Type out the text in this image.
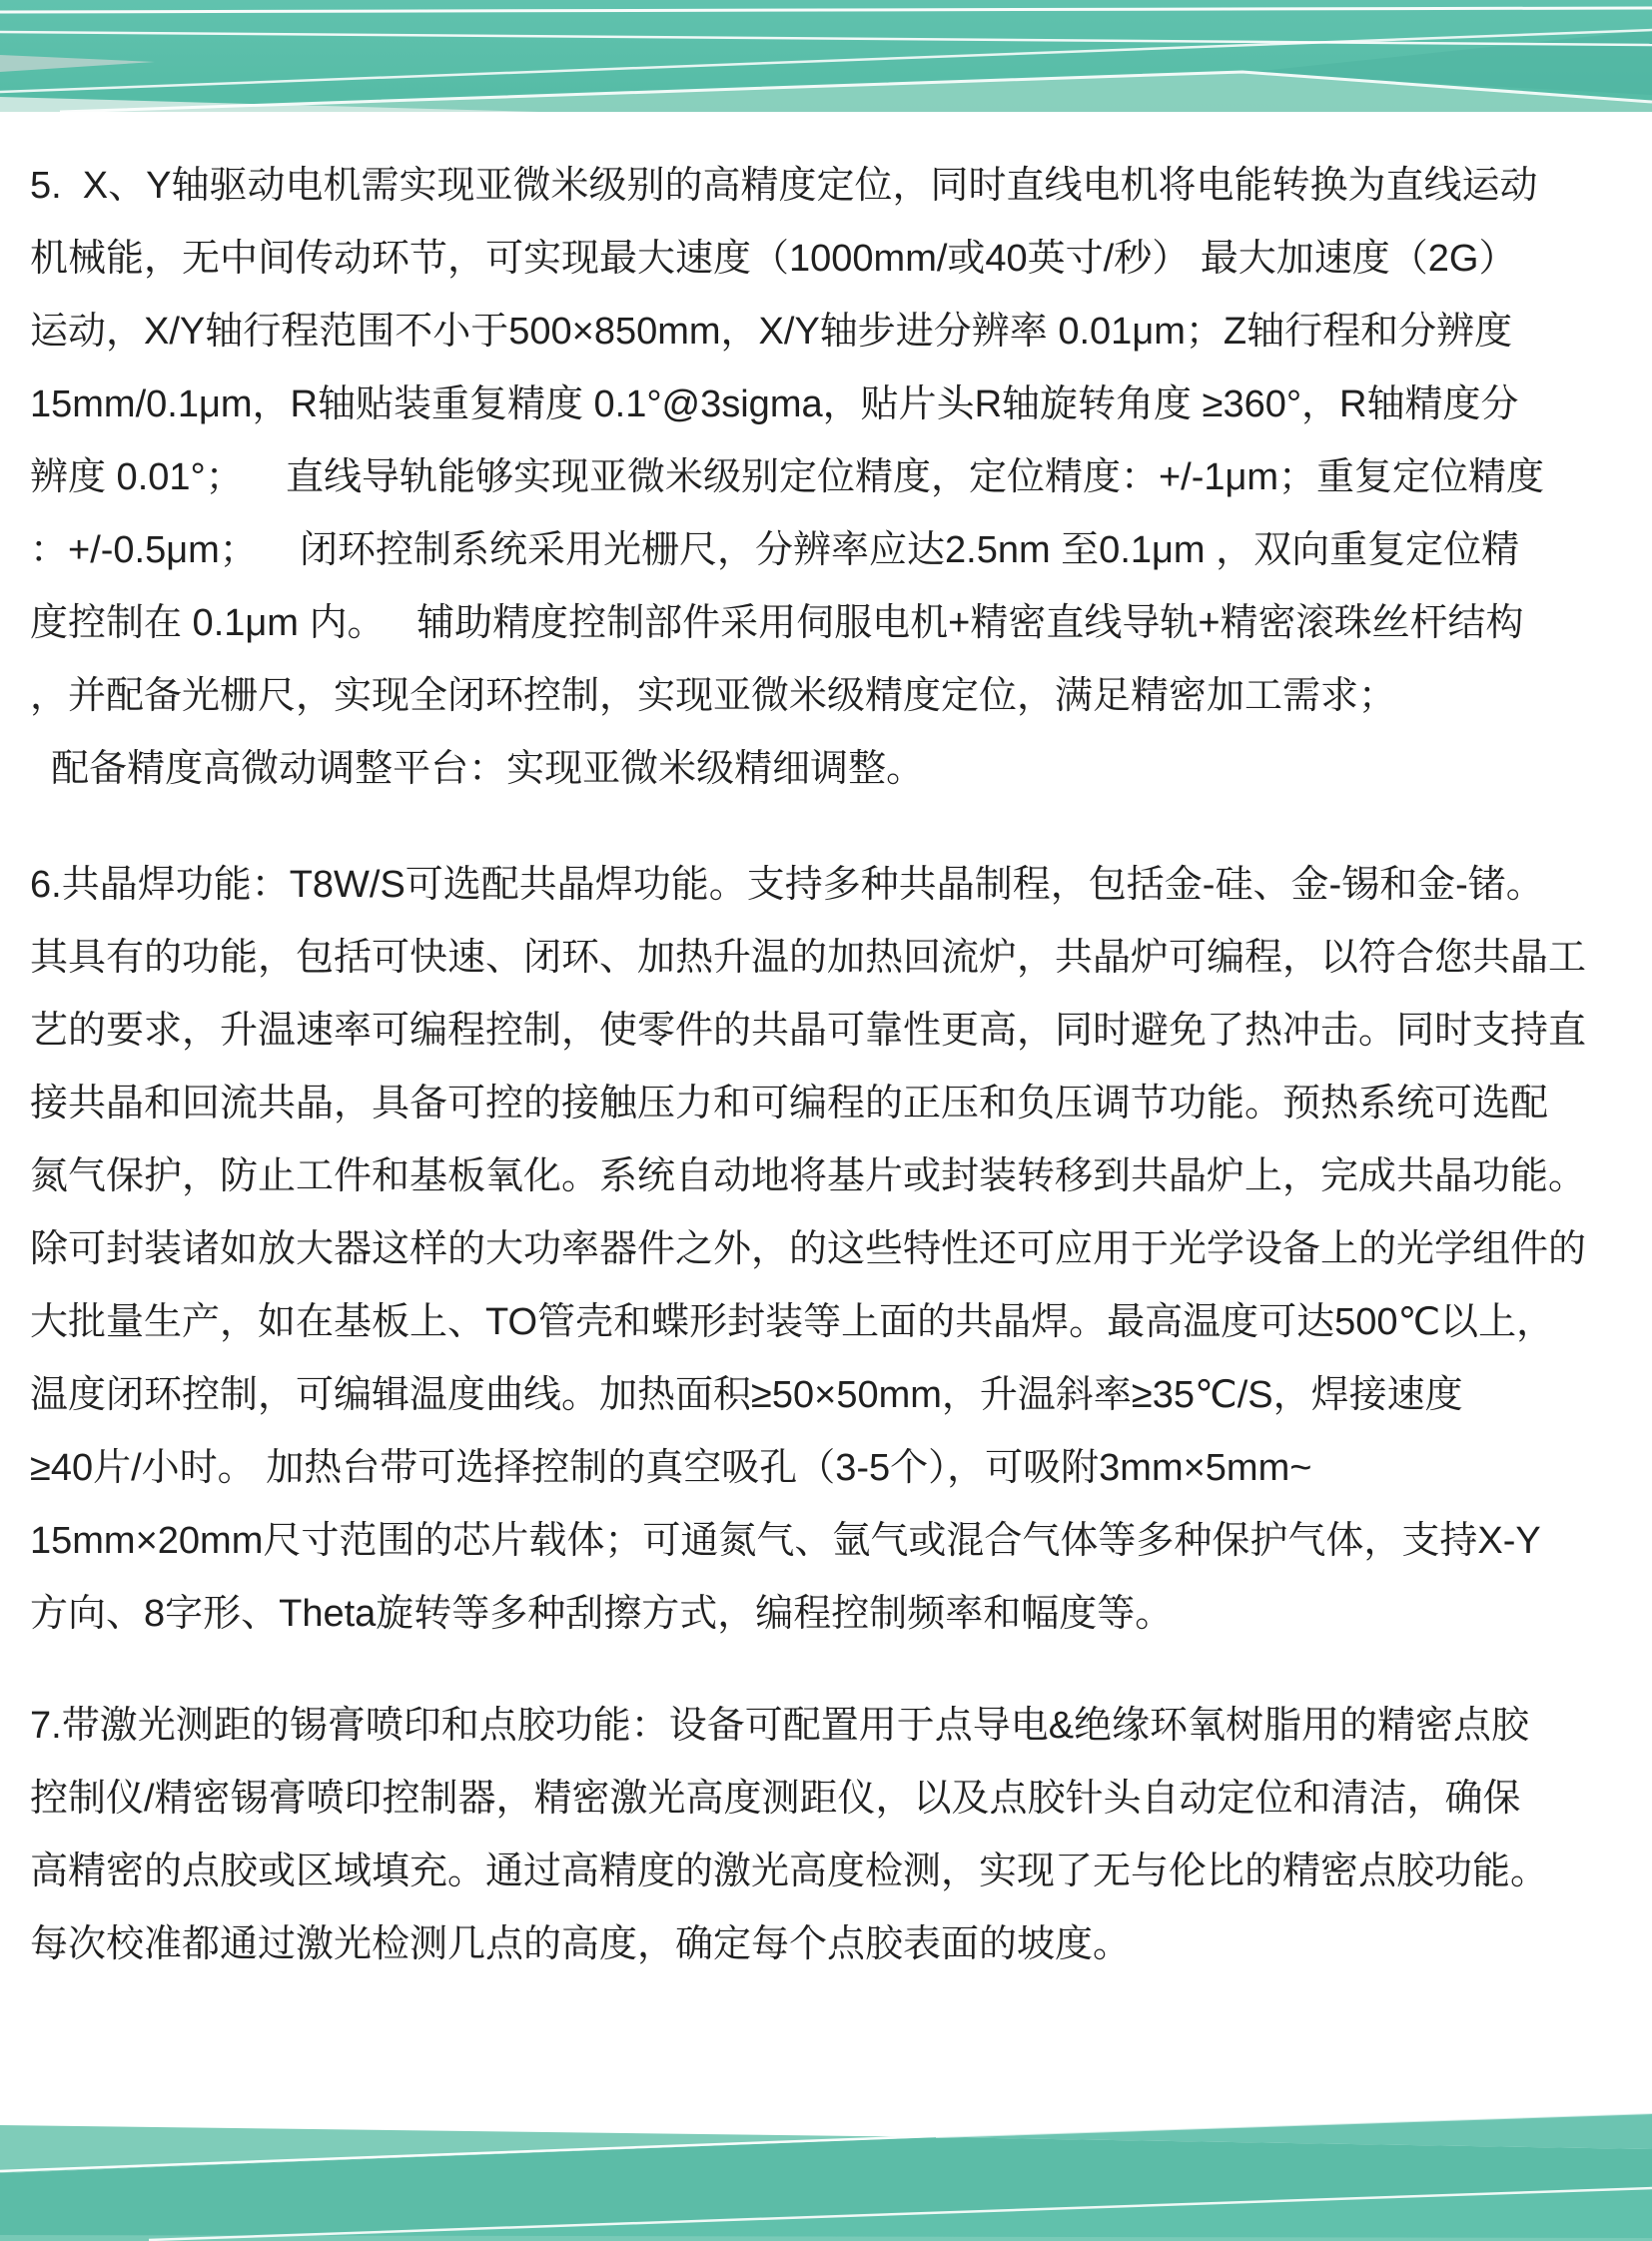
5.  X、Y轴驱动电机需实现亚微米级别的高精度定位，同时直线电机将电能转换为直线运动
机械能，无中间传动环节，可实现最大速度（1000mm/或40英寸/秒） 最大加速度（2G）
运动，X/Y轴行程范围不小于500×850mm，X/Y轴步进分辨率 0.01μm；Z轴行程和分辨度
15mm/0.1μm，R轴贴装重复精度 0.1°@3sigma，贴片头R轴旋转角度 ≥360°，R轴精度分
辨度 0.01°；    直线导轨能够实现亚微米级别定位精度，定位精度：+/-1μm；重复定位精度
：+/-0.5μm；    闭环控制系统采用光栅尺，分辨率应达2.5nm 至0.1μm ，双向重复定位精
度控制在 0.1μm 内。   辅助精度控制部件采用伺服电机+精密直线导轨+精密滚珠丝杆结构
，并配备光栅尺，实现全闭环控制，实现亚微米级精度定位，满足精密加工需求；
配备精度高微动调整平台：实现亚微米级精细调整。
6.共晶焊功能：T8W/S可选配共晶焊功能。支持多种共晶制程，包括金-硅、金-锡和金-锗。
其具有的功能，包括可快速、闭环、加热升温的加热回流炉，共晶炉可编程，以符合您共晶工
艺的要求，升温速率可编程控制，使零件的共晶可靠性更高，同时避免了热冲击。同时支持直
接共晶和回流共晶，具备可控的接触压力和可编程的正压和负压调节功能。预热系统可选配
氮气保护，防止工件和基板氧化。系统自动地将基片或封装转移到共晶炉上，完成共晶功能。
除可封装诸如放大器这样的大功率器件之外，的这些特性还可应用于光学设备上的光学组件的
大批量生产，如在基板上、TO管壳和蝶形封装等上面的共晶焊。最高温度可达500℃以上，
温度闭环控制，可编辑温度曲线。加热面积≥50×50mm，升温斜率≥35℃/S，焊接速度
≥40片/小时。 加热台带可选择控制的真空吸孔（3-5个），可吸附3mm×5mm~
15mm×20mm尺寸范围的芯片载体；可通氮气、氩气或混合气体等多种保护气体，支持X-Y
方向、8字形、Theta旋转等多种刮擦方式，编程控制频率和幅度等。
7.带激光测距的锡膏喷印和点胶功能：设备可配置用于点导电&绝缘环氧树脂用的精密点胶
控制仪/精密锡膏喷印控制器，精密激光高度测距仪，以及点胶针头自动定位和清洁，确保
高精密的点胶或区域填充。通过高精度的激光高度检测，实现了无与伦比的精密点胶功能。
每次校准都通过激光检测几点的高度，确定每个点胶表面的坡度。
